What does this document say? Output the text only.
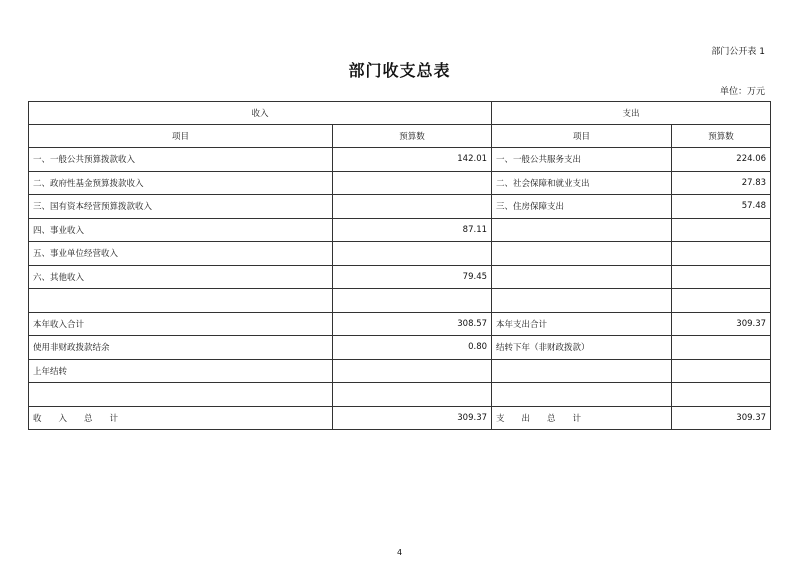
部门公开表 1
部门收支总表
单位：万元
收入		支出	
项目	预算数	项目	预算数
一、一般公共预算拨款收入	142.01	一、一般公共服务支出	224.06
二、政府性基金预算拨款收入		二、社会保障和就业支出	27.83
三、国有资本经营预算拨款收入		三、住房保障支出	57.48
四、事业收入	87.11		
五、事业单位经营收入			
六、其他收入	79.45		

本年收入合计	308.57	本年支出合计	309.37
使用非财政拨款结余	0.80	结转下年（非财政拨款）	
上年结转			

收　　入　　总　　计	309.37	支　　出　　总　　计	309.37
4
